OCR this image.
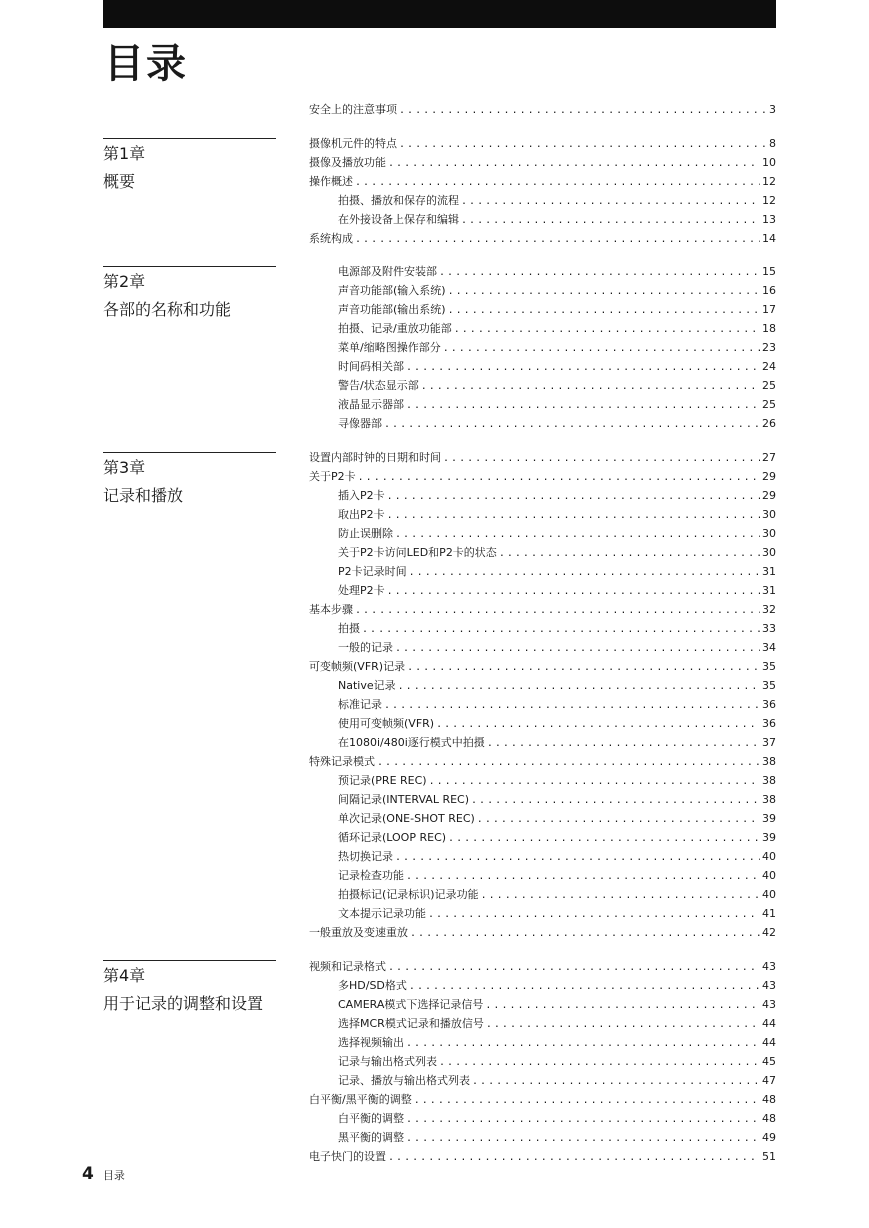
目录
第1章
概要
第2章
各部的名称和功能
第3章
记录和播放
第4章
用于记录的调整和设置
安全上的注意事项 . . .	3
摄像机元件的特点 . . .	8
摄像及播放功能 . . .	10
操作概述 . . .	12
拍摄、播放和保存的流程 . . .	12
在外接设备上保存和编辑 . . .	13
系统构成 . . .	14
电源部及附件安装部 . . .	15
声音功能部(输入系统) . . .	16
声音功能部(输出系统) . . .	17
拍摄、记录/重放功能部 . . .	18
菜单/缩略图操作部分 . . .	23
时间码相关部 . . .	24
警告/状态显示部 . . .	25
液晶显示器部 . . .	25
寻像器部 . . .	26
设置内部时钟的日期和时间 . . .	27
关于P2卡 . . .	29
插入P2卡 . . .	29
取出P2卡 . . .	30
防止误删除 . . .	30
关于P2卡访问LED和P2卡的状态 . . .	30
P2卡记录时间 . . .	31
处理P2卡 . . .	31
基本步骤 . . .	32
拍摄 . . .	33
一般的记录 . . .	34
可变帧频(VFR)记录 . . .	35
Native记录 . . .	35
标准记录 . . .	36
使用可变帧频(VFR) . . .	36
在1080i/480i逐行模式中拍摄 . . .	37
特殊记录模式 . . .	38
预记录(PRE REC) . . .	38
间隔记录(INTERVAL REC) . . .	38
单次记录(ONE-SHOT REC) . . .	39
循环记录(LOOP REC) . . .	39
热切换记录 . . .	40
记录检查功能 . . .	40
拍摄标记(记录标识)记录功能 . . .	40
文本提示记录功能 . . .	41
一般重放及变速重放 . . .	42
视频和记录格式 . . .	43
多HD/SD格式 . . .	43
CAMERA模式下选择记录信号 . . .	43
选择MCR模式记录和播放信号 . . .	44
选择视频输出 . . .	44
记录与输出格式列表 . . .	45
记录、播放与输出格式列表 . . .	47
白平衡/黑平衡的调整 . . .	48
白平衡的调整 . . .	48
黑平衡的调整 . . .	49
电子快门的设置 . . .	51
4 目录
